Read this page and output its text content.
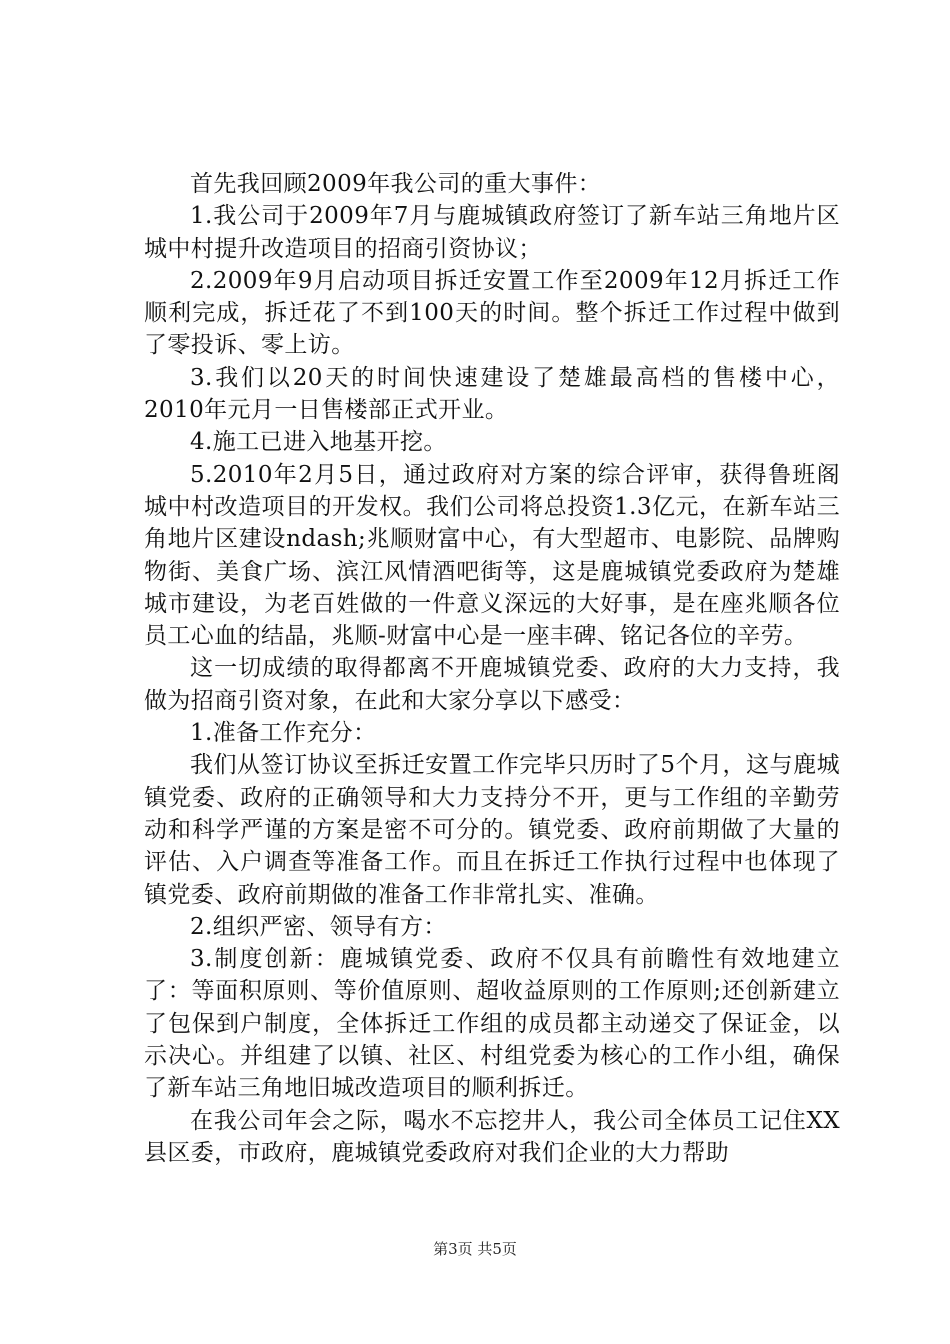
首先我回顾2009年我公司的重大事件：

1.我公司于2009年7月与鹿城镇政府签订了新车站三角地片区城中村提升改造项目的招商引资协议；

2.2009年9月启动项目拆迁安置工作至2009年12月拆迁工作顺利完成，拆迁花了不到100天的时间。整个拆迁工作过程中做到了零投诉、零上访。

3.我们以20天的时间快速建设了楚雄最高档的售楼中心，2010年元月一日售楼部正式开业。

4.施工已进入地基开挖。

5.2010年2月5日，通过政府对方案的综合评审，获得鲁班阁城中村改造项目的开发权。我们公司将总投资1.3亿元，在新车站三角地片区建设ndash;兆顺财富中心，有大型超市、电影院、品牌购物街、美食广场、滨江风情酒吧街等，这是鹿城镇党委政府为楚雄城市建设，为老百姓做的一件意义深远的大好事，是在座兆顺各位员工心血的结晶，兆顺-财富中心是一座丰碑、铭记各位的辛劳。

这一切成绩的取得都离不开鹿城镇党委、政府的大力支持，我做为招商引资对象，在此和大家分享以下感受：

1.准备工作充分：

我们从签订协议至拆迁安置工作完毕只历时了5个月，这与鹿城镇党委、政府的正确领导和大力支持分不开，更与工作组的辛勤劳动和科学严谨的方案是密不可分的。镇党委、政府前期做了大量的评估、入户调查等准备工作。而且在拆迁工作执行过程中也体现了镇党委、政府前期做的准备工作非常扎实、准确。

2.组织严密、领导有方：

3.制度创新：鹿城镇党委、政府不仅具有前瞻性有效地建立了：等面积原则、等价值原则、超收益原则的工作原则;还创新建立了包保到户制度，全体拆迁工作组的成员都主动递交了保证金，以示决心。并组建了以镇、社区、村组党委为核心的工作小组，确保了新车站三角地旧城改造项目的顺利拆迁。

在我公司年会之际，喝水不忘挖井人，我公司全体员工记住XX县区委，市政府，鹿城镇党委政府对我们企业的大力帮助

第3页 共5页
